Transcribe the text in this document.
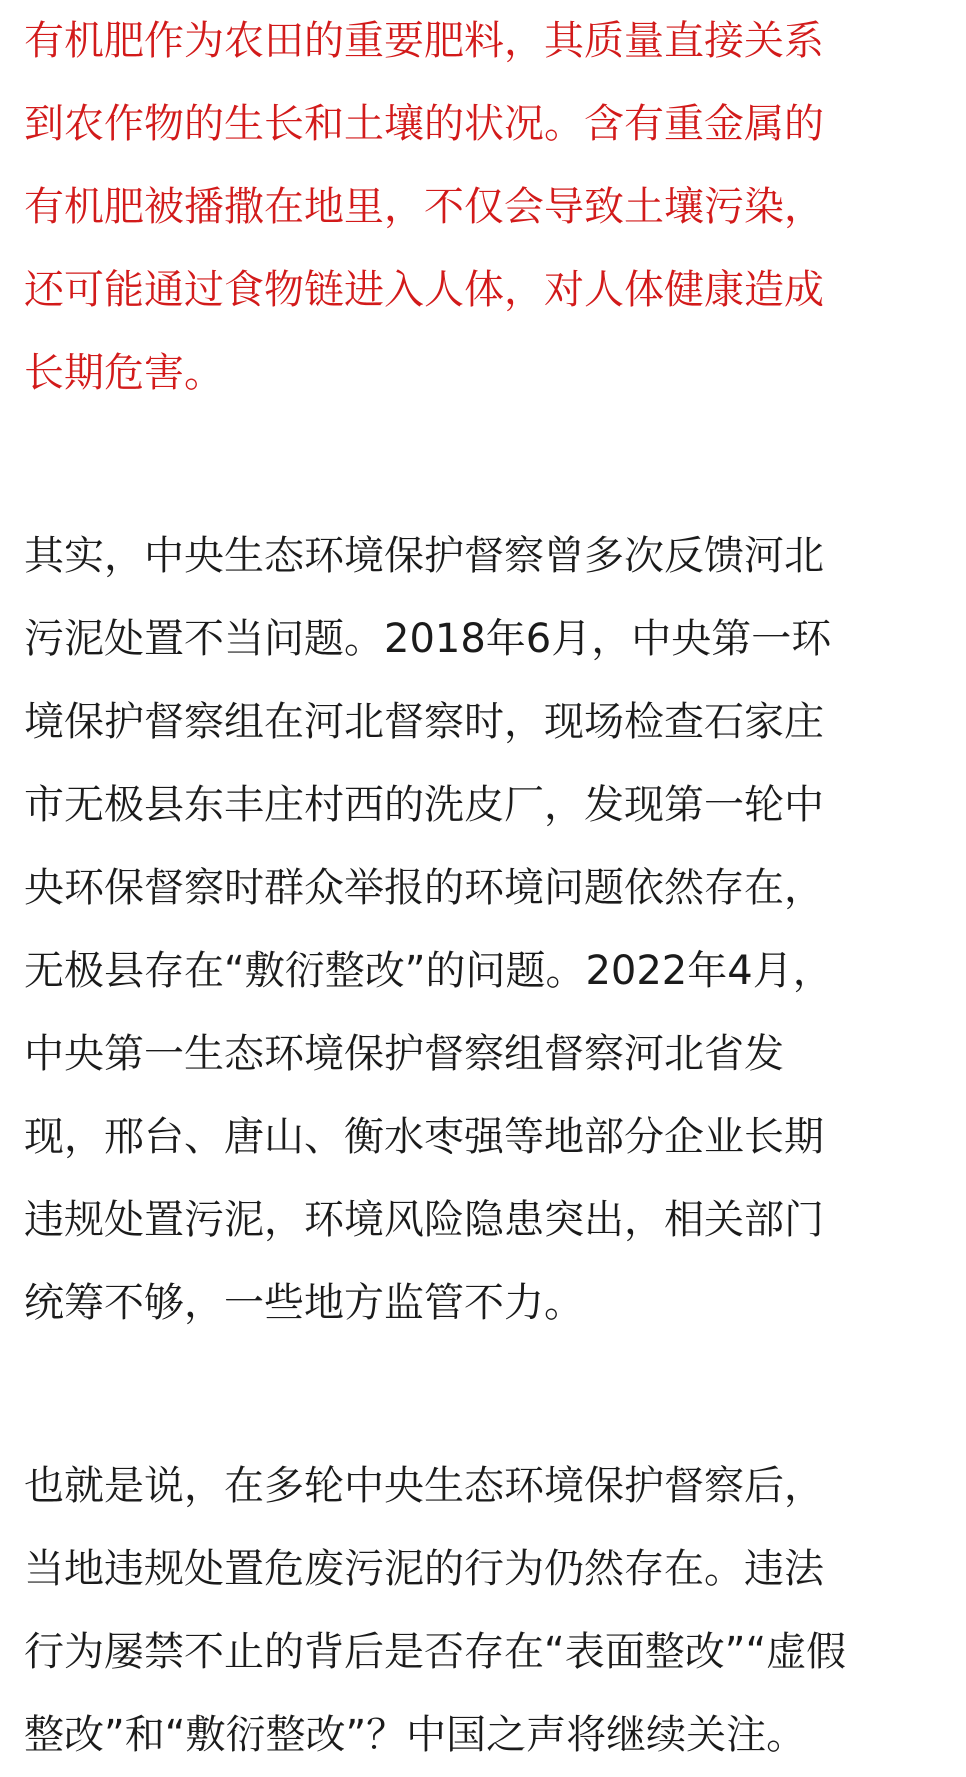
有机肥作为农田的重要肥料，其质量直接关系
到农作物的生长和土壤的状况。含有重金属的
有机肥被播撒在地里，不仅会导致土壤污染，
还可能通过食物链进入人体，对人体健康造成
长期危害。
其实，中央生态环境保护督察曾多次反馈河北
污泥处置不当问题。2018年6月，中央第一环
境保护督察组在河北督察时，现场检查石家庄
市无极县东丰庄村西的洗皮厂，发现第一轮中
央环保督察时群众举报的环境问题依然存在，
无极县存在“敷衍整改”的问题。2022年4月，
中央第一生态环境保护督察组督察河北省发
现，邢台、唐山、衡水枣强等地部分企业长期
违规处置污泥，环境风险隐患突出，相关部门
统筹不够，一些地方监管不力。
也就是说，在多轮中央生态环境保护督察后，
当地违规处置危废污泥的行为仍然存在。违法
行为屡禁不止的背后是否存在“表面整改”“虚假
整改”和“敷衍整改”？中国之声将继续关注。
